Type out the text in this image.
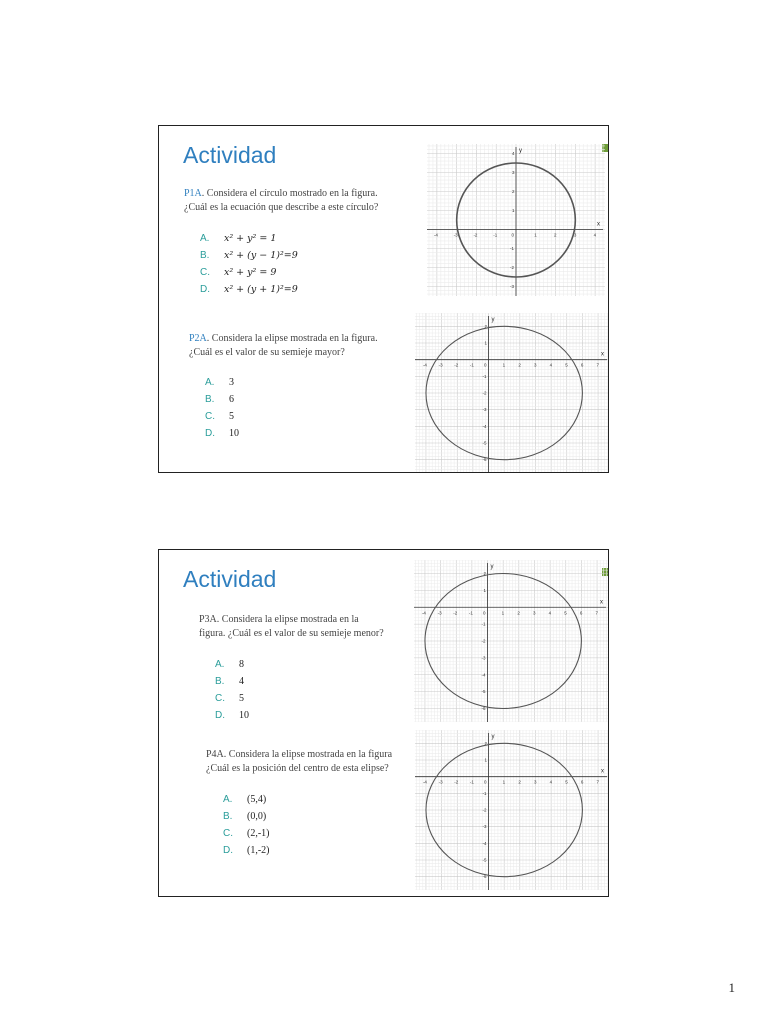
Actividad
P1A. Considera el círculo mostrado en la figura.
¿Cuál es la ecuación que describe a este círculo?
A. x² + y² = 1
B. x² + (y − 1)²=9
C. x² + y² = 9
D. x² + (y + 1)²=9
x
y
-4	-3	-2	-1	0	1	2	3	4
4
3
2
1
-1
-2
-3
P2A. Considera la elipse mostrada en la figura.
¿Cuál es el valor de su semieje mayor?
A. 3
B. 6
C. 5
D. 10
x
y
-4	-3	-2	-1 0	1	2	3	4	5	6	7
2
1
-1
-2
-3
-4
-5
-6
Actividad
P3A. Considera la elipse mostrada en la
figura. ¿Cuál es el valor de su semieje menor?
A. 8
B. 4
C. 5
D. 10
x
y
-4	-3	-2	-1 0	1	2	3	4	5	6	7
2
1
-1
-2
-3
-4
-5
-6
P4A. Considera la elipse mostrada en la figura
¿Cuál es la posición del centro de esta elipse?
A. (5,4)
B. (0,0)
C. (2,-1)
D. (1,-2)
x
y
-4	-3	-2	-1 0	1	2	3	4	5	6	7
2
1
-1
-2
-3
-4
-5
-6
1
